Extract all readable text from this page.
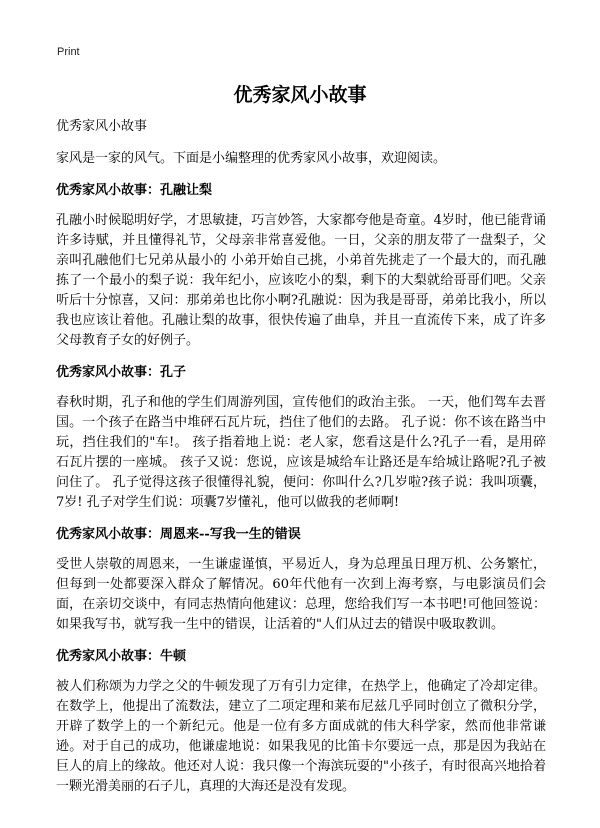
Print
优秀家风小故事

优秀家风小故事

家风是一家的风气。下面是小编整理的优秀家风小故事，欢迎阅读。

优秀家风小故事：孔融让梨

孔融小时候聪明好学，才思敏捷，巧言妙答，大家都夸他是奇童。4岁时，他已能背诵许多诗赋，并且懂得礼节，父母亲非常喜爱他。一日，父亲的朋友带了一盘梨子，父亲叫孔融他们七兄弟从最小的 小弟开始自己挑，小弟首先挑走了一个最大的，而孔融拣了一个最小的梨子说：我年纪小，应该吃小的梨，剩下的大梨就给哥哥们吧。父亲听后十分惊喜，又问：那弟弟也比你小啊?孔融说：因为我是哥哥，弟弟比我小，所以我也应该让着他。孔融让梨的故事，很快传遍了曲阜，并且一直流传下来，成了许多父母教育子女的好例子。

优秀家风小故事：孔子

春秋时期，孔子和他的学生们周游列国，宣传他们的政治主张。 一天，他们驾车去晋国。一个孩子在路当中堆砰石瓦片玩，挡住了他们的去路。 孔子说：你不该在路当中玩，挡住我们的"车!。 孩子指着地上说：老人家，您看这是什么?孔子一看，是用碎石瓦片摆的一座城。 孩子又说：您说，应该是城给车让路还是车给城让路呢?孔子被问住了。 孔子觉得这孩子很懂得礼貌，便问：你叫什么?几岁啦?孩子说：我叫项囊，7岁! 孔子对学生们说：项囊7岁懂礼，他可以做我的老师啊!

优秀家风小故事：周恩来--写我一生的错误

受世人崇敬的周恩来，一生谦虚谨慎，平易近人，身为总理虽日理万机、公务繁忙，但每到一处都要深入群众了解情况。60年代他有一次到上海考察，与电影演员们会面，在亲切交谈中，有同志热情向他建议：总理，您给我们写一本书吧!可他回签说：如果我写书，就写我一生中的错误，让活着的"人们从过去的错误中吸取教训。

优秀家风小故事：牛顿

被人们称颂为力学之父的牛顿发现了万有引力定律，在热学上，他确定了冷却定律。在数学上，他提出了流数法，建立了二项定理和莱布尼兹几乎同时创立了微积分学，开辟了数学上的一个新纪元。他是一位有多方面成就的伟大科学家，然而他非常谦逊。对于自己的成功，他谦虚地说：如果我见的比笛卡尔要远一点，那是因为我站在巨人的肩上的缘故。他还对人说：我只像一个海滨玩耍的"小孩子，有时很高兴地拾着一颗光滑美丽的石子儿，真理的大海还是没有发现。
